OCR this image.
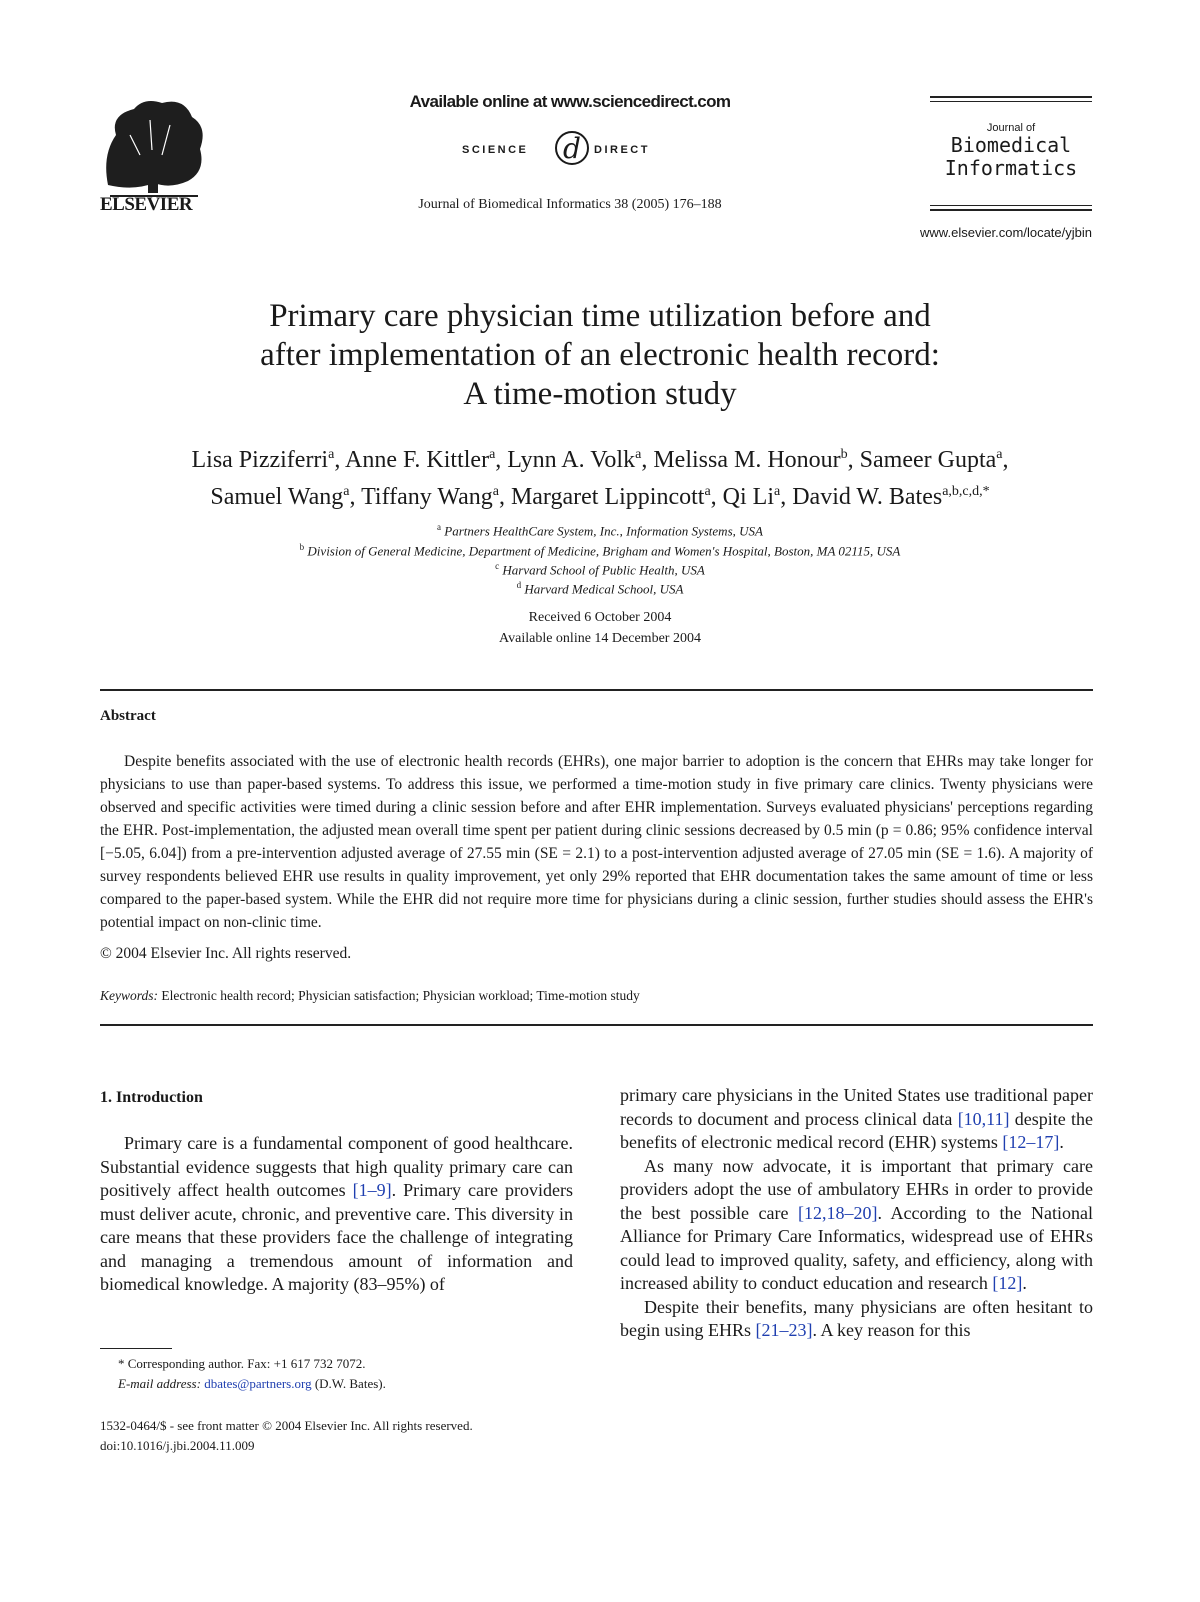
ELSEVIER
Available online at www.sciencedirect.com
SCIENCE d DIRECT
Journal of Biomedical Informatics 38 (2005) 176–188
Journal of
Biomedical
Informatics
www.elsevier.com/locate/yjbin
Primary care physician time utilization before and
after implementation of an electronic health record:
A time-motion study
Lisa Pizziferri$^a$, Anne F. Kittler$^a$, Lynn A. Volk$^a$, Melissa M. Honour$^b$, Sameer Gupta$^a$,
Samuel Wang$^a$, Tiffany Wang$^a$, Margaret Lippincott$^a$, Qi Li$^a$, David W. Bates$^{a,b,c,d,*}$
$^a$ Partners HealthCare System, Inc., Information Systems, USA
$^b$ Division of General Medicine, Department of Medicine, Brigham and Women's Hospital, Boston, MA 02115, USA
$^c$ Harvard School of Public Health, USA
$^d$ Harvard Medical School, USA
Received 6 October 2004
Available online 14 December 2004
Abstract
Despite benefits associated with the use of electronic health records (EHRs), one major barrier to adoption is the concern that EHRs may take longer for physicians to use than paper-based systems. To address this issue, we performed a time-motion study in five primary care clinics. Twenty physicians were observed and specific activities were timed during a clinic session before and after EHR implementation. Surveys evaluated physicians' perceptions regarding the EHR. Post-implementation, the adjusted mean overall time spent per patient during clinic sessions decreased by 0.5 min (p = 0.86; 95% confidence interval [−5.05, 6.04]) from a pre-intervention adjusted average of 27.55 min (SE = 2.1) to a post-intervention adjusted average of 27.05 min (SE = 1.6). A majority of survey respondents believed EHR use results in quality improvement, yet only 29% reported that EHR documentation takes the same amount of time or less compared to the paper-based system. While the EHR did not require more time for physicians during a clinic session, further studies should assess the EHR's potential impact on non-clinic time.
© 2004 Elsevier Inc. All rights reserved.
Keywords: Electronic health record; Physician satisfaction; Physician workload; Time-motion study
1. Introduction
Primary care is a fundamental component of good healthcare. Substantial evidence suggests that high quality primary care can positively affect health outcomes [1–9]. Primary care providers must deliver acute, chronic, and preventive care. This diversity in care means that these providers face the challenge of integrating and managing a tremendous amount of information and biomedical knowledge. A majority (83–95%) of

primary care physicians in the United States use traditional paper records to document and process clinical data [10,11] despite the benefits of electronic medical record (EHR) systems [12–17].

As many now advocate, it is important that primary care providers adopt the use of ambulatory EHRs in order to provide the best possible care [12,18–20]. According to the National Alliance for Primary Care Informatics, widespread use of EHRs could lead to improved quality, safety, and efficiency, along with increased ability to conduct education and research [12].

Despite their benefits, many physicians are often hesitant to begin using EHRs [21–23]. A key reason for this

* Corresponding author. Fax: +1 617 732 7072.
E-mail address: dbates@partners.org (D.W. Bates).
1532-0464/$ - see front matter © 2004 Elsevier Inc. All rights reserved.
doi:10.1016/j.jbi.2004.11.009
